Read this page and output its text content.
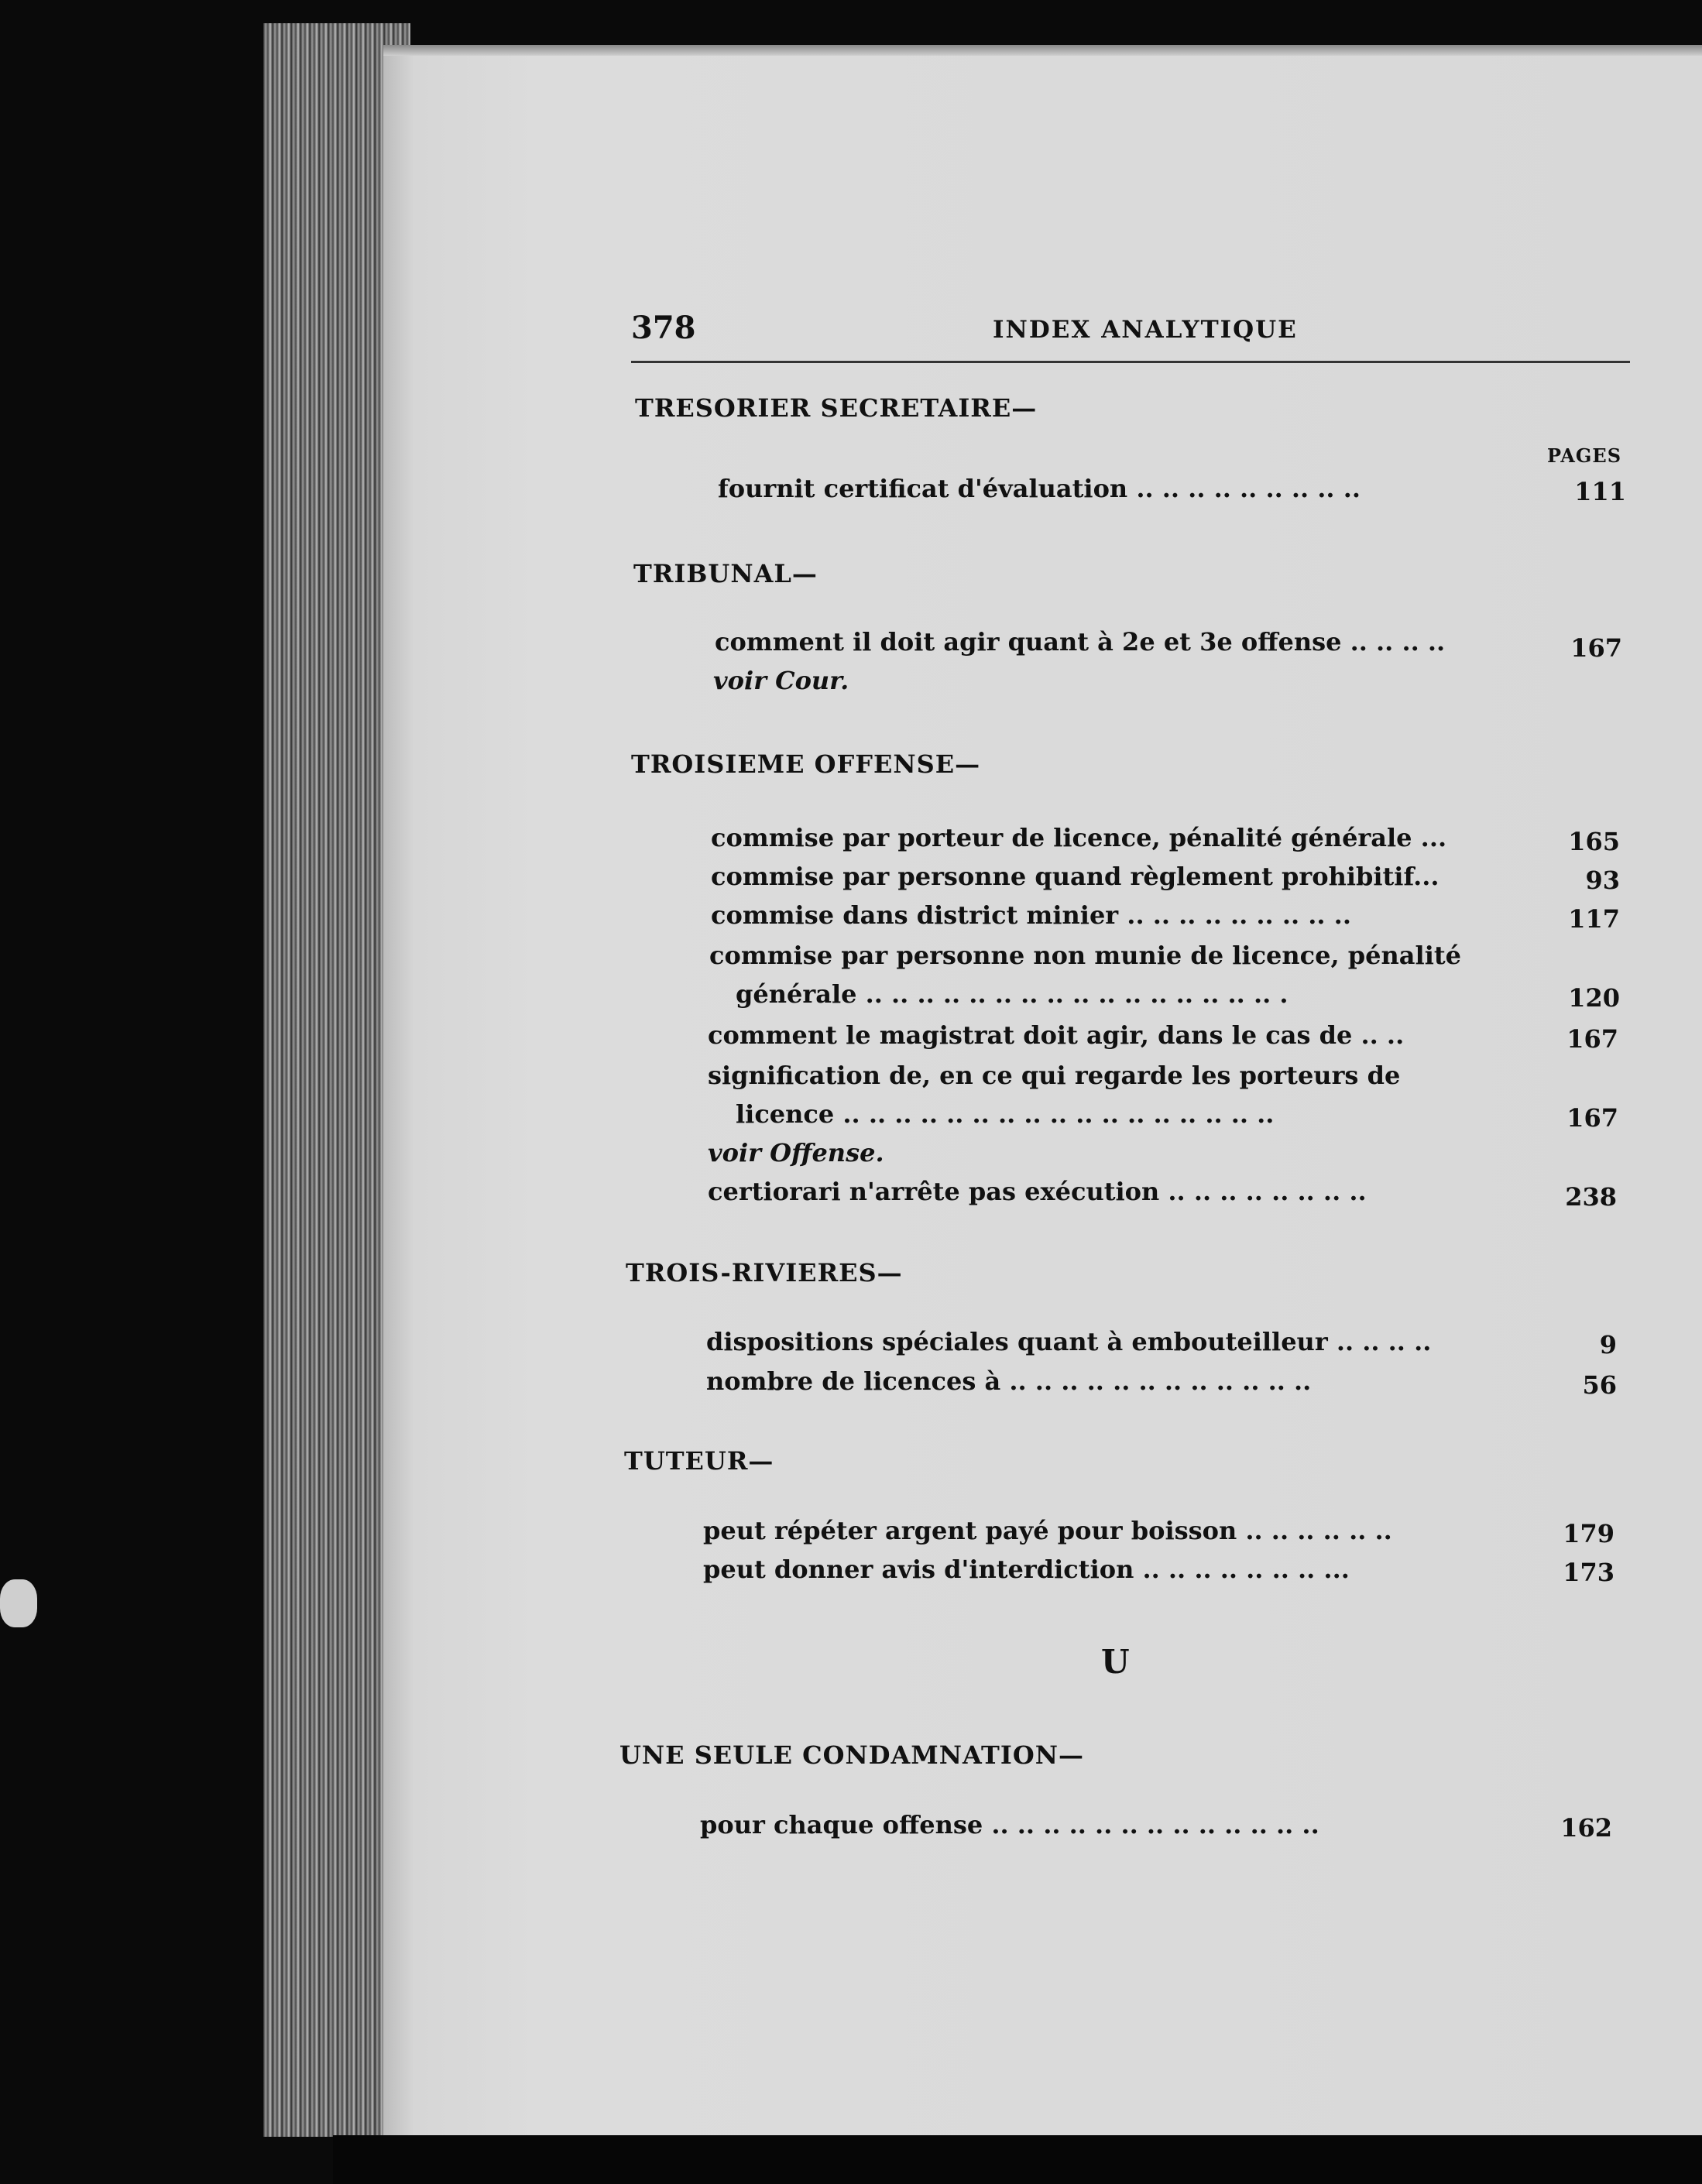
378	INDEX ANALYTIQUE
TRESORIER SECRETAIRE—
PAGES
fournit certificat d'évaluation .. .. .. .. .. .. .. .. ..	111
TRIBUNAL—
comment il doit agir quant à 2e et 3e offense .. .. .. ..	167
voir Cour.
TROISIEME OFFENSE—
commise par porteur de licence, pénalité générale ...	165
commise par personne quand règlement prohibitif...	93
commise dans district minier .. .. .. .. .. .. .. .. ..	117
commise par personne non munie de licence, pénalité
générale .. .. .. .. .. .. .. .. .. .. .. .. .. .. .. .. .	120
comment le magistrat doit agir, dans le cas de .. ..	167
signification de, en ce qui regarde les porteurs de
licence .. .. .. .. .. .. .. .. .. .. .. .. .. .. .. .. ..	167
voir Offense.
certiorari n'arrête pas exécution .. .. .. .. .. .. .. ..	238
TROIS-RIVIERES—
dispositions spéciales quant à embouteilleur .. .. .. ..	9
nombre de licences à .. .. .. .. .. .. .. .. .. .. .. ..	56
TUTEUR—
peut répéter argent payé pour boisson .. .. .. .. .. ..	179
peut donner avis d'interdiction .. .. .. .. .. .. .. ...	173
U
UNE SEULE CONDAMNATION—
pour chaque offense .. .. .. .. .. .. .. .. .. .. .. .. ..	162
